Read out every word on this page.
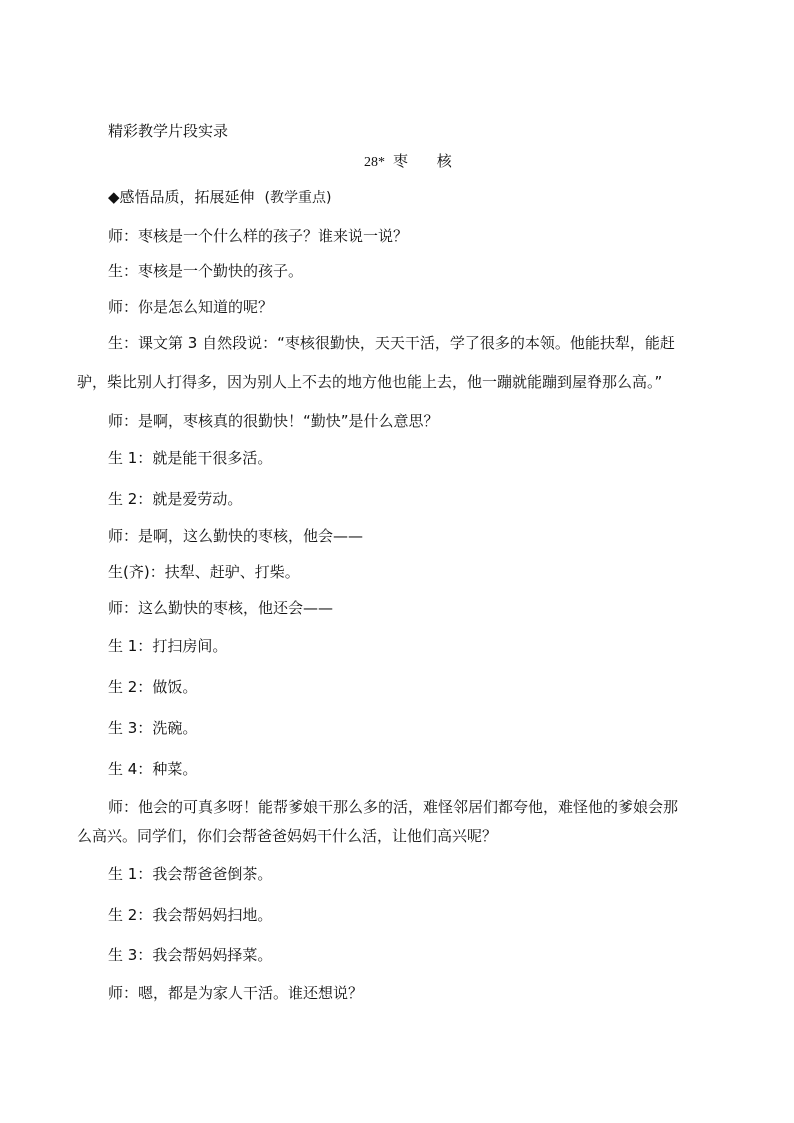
精彩教学片段实录
28* 枣 核
◆感悟品质，拓展延伸 (教学重点)
师：枣核是一个什么样的孩子？谁来说一说？
生：枣核是一个勤快的孩子。
师：你是怎么知道的呢？
生：课文第 3 自然段说：“枣核很勤快，天天干活，学了很多的本领。他能扶犁，能赶
驴，柴比别人打得多，因为别人上不去的地方他也能上去，他一蹦就能蹦到屋脊那么高。”
师：是啊，枣核真的很勤快！“勤快”是什么意思？
生 1：就是能干很多活。
生 2：就是爱劳动。
师：是啊，这么勤快的枣核，他会——
生(齐)：扶犁、赶驴、打柴。
师：这么勤快的枣核，他还会——
生 1：打扫房间。
生 2：做饭。
生 3：洗碗。
生 4：种菜。
师：他会的可真多呀！能帮爹娘干那么多的活，难怪邻居们都夸他，难怪他的爹娘会那
么高兴。同学们，你们会帮爸爸妈妈干什么活，让他们高兴呢？
生 1：我会帮爸爸倒茶。
生 2：我会帮妈妈扫地。
生 3：我会帮妈妈择菜。
师：嗯，都是为家人干活。谁还想说？
